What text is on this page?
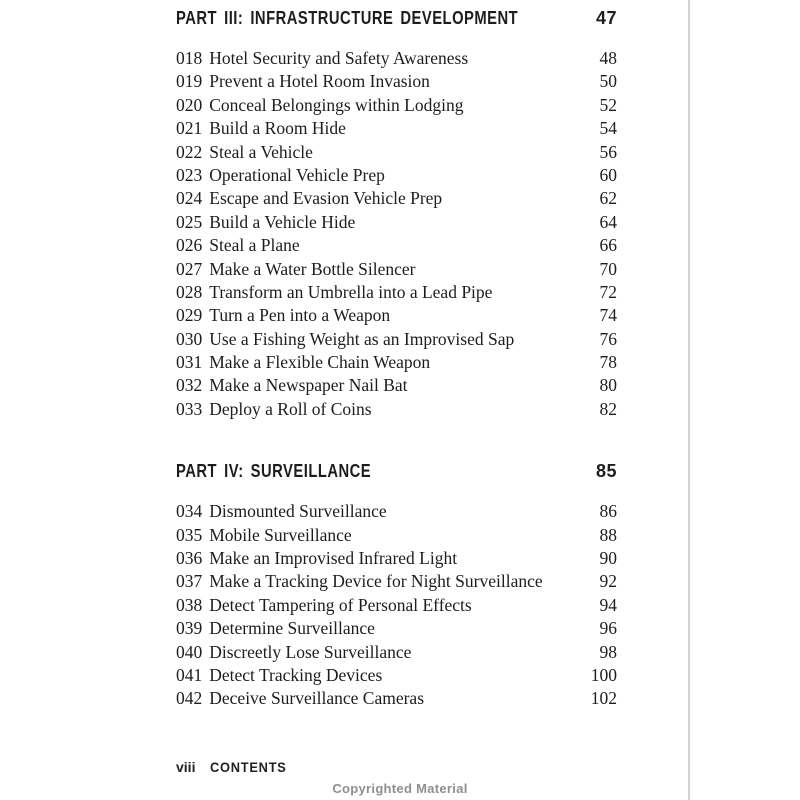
PART III: INFRASTRUCTURE DEVELOPMENT	47
018 Hotel Security and Safety Awareness	48
019 Prevent a Hotel Room Invasion	50
020 Conceal Belongings within Lodging	52
021 Build a Room Hide	54
022 Steal a Vehicle	56
023 Operational Vehicle Prep	60
024 Escape and Evasion Vehicle Prep	62
025 Build a Vehicle Hide	64
026 Steal a Plane	66
027 Make a Water Bottle Silencer	70
028 Transform an Umbrella into a Lead Pipe	72
029 Turn a Pen into a Weapon	74
030 Use a Fishing Weight as an Improvised Sap	76
031 Make a Flexible Chain Weapon	78
032 Make a Newspaper Nail Bat	80
033 Deploy a Roll of Coins	82
PART IV: SURVEILLANCE	85
034 Dismounted Surveillance	86
035 Mobile Surveillance	88
036 Make an Improvised Infrared Light	90
037 Make a Tracking Device for Night Surveillance	92
038 Detect Tampering of Personal Effects	94
039 Determine Surveillance	96
040 Discreetly Lose Surveillance	98
041 Detect Tracking Devices	100
042 Deceive Surveillance Cameras	102
viii CONTENTS
Copyrighted Material
